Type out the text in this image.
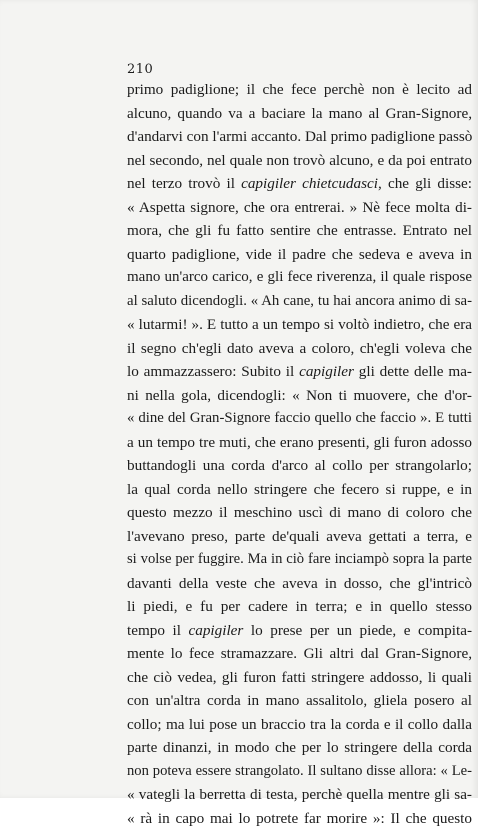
210
primo padiglione; il che fece perchè non è lecito ad
alcuno, quando va a baciare la mano al Gran-Signore,
d'andarvi con l'armi accanto. Dal primo padiglione passò
nel secondo, nel quale non trovò alcuno, e da poi entrato
nel terzo trovò il capigiler chietcudasci, che gli disse:
« Aspetta signore, che ora entrerai. » Nè fece molta di-
mora, che gli fu fatto sentire che entrasse. Entrato nel
quarto padiglione, vide il padre che sedeva e aveva in
mano un'arco carico, e gli fece riverenza, il quale rispose
al saluto dicendogli. « Ah cane, tu hai ancora animo di sa-
« lutarmi! ». E tutto a un tempo si voltò indietro, che era
il segno ch'egli dato aveva a coloro, ch'egli voleva che
lo ammazzassero: Subito il capigiler gli dette delle ma-
ni nella gola, dicendogli: « Non ti muovere, che d'or-
« dine del Gran-Signore faccio quello che faccio ». E tutti
a un tempo tre muti, che erano presenti, gli furon adosso
buttandogli una corda d'arco al collo per strangolarlo;
la qual corda nello stringere che fecero si ruppe, e in
questo mezzo il meschino uscì di mano di coloro che
l'avevano preso, parte de'quali aveva gettati a terra, e
si volse per fuggire. Ma in ciò fare inciampò sopra la parte
davanti della veste che aveva in dosso, che gl'intricò
li piedi, e fu per cadere in terra; e in quello stesso
tempo il capigiler lo prese per un piede, e compita-
mente lo fece stramazzare. Gli altri dal Gran-Signore,
che ciò vedea, gli furon fatti stringere addosso, li quali
con un'altra corda in mano assalitolo, gliela posero al
collo; ma lui pose un braccio tra la corda e il collo dalla
parte dinanzi, in modo che per lo stringere della corda
non poteva essere strangolato. Il sultano disse allora: « Le-
« vategli la berretta di testa, perchè quella mentre gli sa-
« rà in capo mai lo potrete far morire »: Il che questo
